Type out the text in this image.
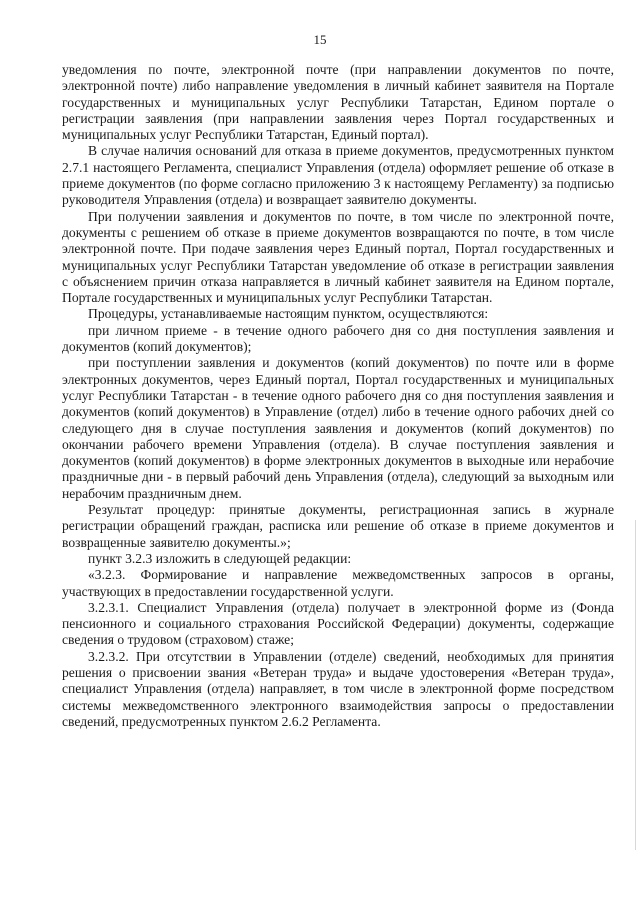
15

уведомления по почте, электронной почте (при направлении документов по почте, электронной почте) либо направление уведомления в личный кабинет заявителя на Портале государственных и муниципальных услуг Республики Татарстан, Едином портале о регистрации заявления (при направлении заявления через Портал государственных и муниципальных услуг Республики Татарстан, Единый портал).

В случае наличия оснований для отказа в приеме документов, предусмотренных пунктом 2.7.1 настоящего Регламента, специалист Управления (отдела) оформляет решение об отказе в приеме документов (по форме согласно приложению 3 к настоящему Регламенту) за подписью руководителя Управления (отдела) и возвращает заявителю документы.

При получении заявления и документов по почте, в том числе по электронной почте, документы с решением об отказе в приеме документов возвращаются по почте, в том числе электронной почте. При подаче заявления через Единый портал, Портал государственных и муниципальных услуг Республики Татарстан уведомление об отказе в регистрации заявления с объяснением причин отказа направляется в личный кабинет заявителя на Едином портале, Портале государственных и муниципальных услуг Республики Татарстан.

Процедуры, устанавливаемые настоящим пунктом, осуществляются:

при личном приеме - в течение одного рабочего дня со дня поступления заявления и документов (копий документов);

при поступлении заявления и документов (копий документов) по почте или в форме электронных документов, через Единый портал, Портал государственных и муниципальных услуг Республики Татарстан - в течение одного рабочего дня со дня поступления заявления и документов (копий документов) в Управление (отдел) либо в течение одного рабочих дней со следующего дня в случае поступления заявления и документов (копий документов) по окончании рабочего времени Управления (отдела). В случае поступления заявления и документов (копий документов) в форме электронных документов в выходные или нерабочие праздничные дни - в первый рабочий день Управления (отдела), следующий за выходным или нерабочим праздничным днем.

Результат процедур: принятые документы, регистрационная запись в журнале регистрации обращений граждан, расписка или решение об отказе в приеме документов и возвращенные заявителю документы.»;

пункт 3.2.3 изложить в следующей редакции:

«3.2.3. Формирование и направление межведомственных запросов в органы, участвующих в предоставлении государственной услуги.

3.2.3.1. Специалист Управления (отдела) получает в электронной форме из (Фонда пенсионного и социального страхования Российской Федерации) документы, содержащие сведения о трудовом (страховом) стаже;

3.2.3.2. При отсутствии в Управлении (отделе) сведений, необходимых для принятия решения о присвоении звания «Ветеран труда» и выдаче удостоверения «Ветеран труда», специалист Управления (отдела) направляет, в том числе в электронной форме посредством системы межведомственного электронного взаимодействия запросы о предоставлении сведений, предусмотренных пунктом 2.6.2 Регламента.
